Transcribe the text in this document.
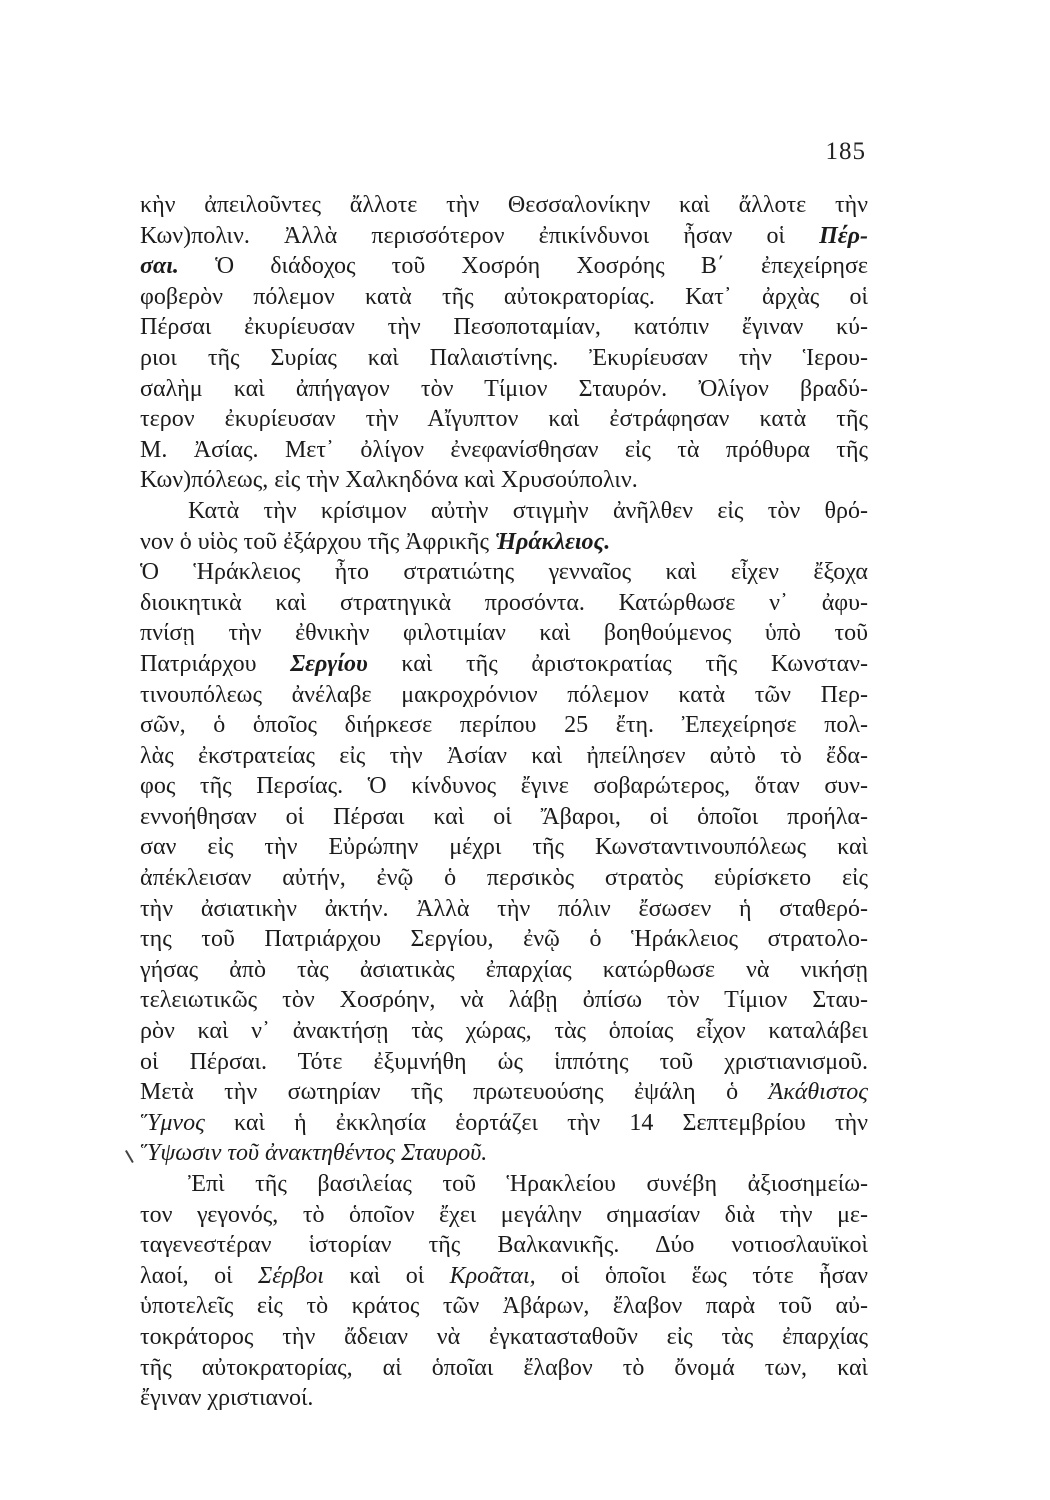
185
κὴν ἀπειλοῦντες ἄλλοτε τὴν Θεσσαλονίκην καὶ ἄλλοτε τὴν
Κων)πολιν. Ἀλλὰ περισσότερον ἐπικίνδυνοι ἦσαν οἱ Πέρ-
σαι. Ὁ διάδοχος τοῦ Χοσρόη Χοσρόης Β΄ ἐπεχείρησε
φοβερὸν πόλεμον κατὰ τῆς αὐτοκρατορίας. Κατ᾿ ἀρχὰς οἱ
Πέρσαι ἐκυρίευσαν τὴν Πεσοποταμίαν, κατόπιν ἔγιναν κύ-
ριοι τῆς Συρίας καὶ Παλαιστίνης. Ἐκυρίευσαν τὴν Ἱερου-
σαλὴμ καὶ ἀπήγαγον τὸν Τίμιον Σταυρόν. Ὀλίγον βραδύ-
τερον ἐκυρίευσαν τὴν Αἴγυπτον καὶ ἐστράφησαν κατὰ τῆς
Μ. Ἀσίας. Μετ᾿ ὀλίγον ἐνεφανίσθησαν εἰς τὰ πρόθυρα τῆς
Κων)πόλεως, εἰς τὴν Χαλκηδόνα καὶ Χρυσούπολιν.
Κατὰ τὴν κρίσιμον αὐτὴν στιγμὴν ἀνῆλθεν εἰς τὸν θρό-
νον ὁ υἱὸς τοῦ ἐξάρχου τῆς Ἀφρικῆς Ἡράκλειος.
Ὁ Ἡράκλειος ἦτο στρατιώτης γενναῖος καὶ εἶχεν ἔξοχα
διοικητικὰ καὶ στρατηγικὰ προσόντα. Κατώρθωσε ν᾿ ἀφυ-
πνίσῃ τὴν ἐθνικὴν φιλοτιμίαν καὶ βοηθούμενος ὑπὸ τοῦ
Πατριάρχου Σεργίου καὶ τῆς ἀριστοκρατίας τῆς Κωνσταν-
τινουπόλεως ἀνέλαβε μακροχρόνιον πόλεμον κατὰ τῶν Περ-
σῶν, ὁ ὁποῖος διήρκεσε περίπου 25 ἔτη. Ἐπεχείρησε πολ-
λὰς ἐκστρατείας εἰς τὴν Ἀσίαν καὶ ἠπείλησεν αὐτὸ τὸ ἔδα-
φος τῆς Περσίας. Ὁ κίνδυνος ἔγινε σοβαρώτερος, ὅταν συν-
εννοήθησαν οἱ Πέρσαι καὶ οἱ Ἄβαροι, οἱ ὁποῖοι προήλα-
σαν εἰς τὴν Εὐρώπην μέχρι τῆς Κωνσταντινουπόλεως καὶ
ἀπέκλεισαν αὐτήν, ἐνῷ ὁ περσικὸς στρατὸς εὑρίσκετο εἰς
τὴν ἀσιατικὴν ἀκτήν. Ἀλλὰ τὴν πόλιν ἔσωσεν ἡ σταθερό-
της τοῦ Πατριάρχου Σεργίου, ἐνῷ ὁ Ἡράκλειος στρατολο-
γήσας ἀπὸ τὰς ἀσιατικὰς ἐπαρχίας κατώρθωσε νὰ νικήσῃ
τελειωτικῶς τὸν Χοσρόην, νὰ λάβῃ ὀπίσω τὸν Τίμιον Σταυ-
ρὸν καὶ ν᾿ ἀνακτήσῃ τὰς χώρας, τὰς ὁποίας εἶχον καταλάβει
οἱ Πέρσαι. Τότε ἐξυμνήθη ὡς ἱππότης τοῦ χριστιανισμοῦ.
Μετὰ τὴν σωτηρίαν τῆς πρωτευούσης ἐψάλη ὁ Ἀκάθιστος
Ὕμνος καὶ ἡ ἐκκλησία ἑορτάζει τὴν 14 Σεπτεμβρίου τὴν
Ὕψωσιν τοῦ ἀνακτηθέντος Σταυροῦ.
Ἐπὶ τῆς βασιλείας τοῦ Ἡρακλείου συνέβη ἀξιοσημείω-
τον γεγονός, τὸ ὁποῖον ἔχει μεγάλην σημασίαν διὰ τὴν με-
ταγενεστέραν ἱστορίαν τῆς Βαλκανικῆς. Δύο νοτιοσλαυϊκοὶ
λαοί, οἱ Σέρβοι καὶ οἱ Κροᾶται, οἱ ὁποῖοι ἕως τότε ἦσαν
ὑποτελεῖς εἰς τὸ κράτος τῶν Ἀβάρων, ἔλαβον παρὰ τοῦ αὐ-
τοκράτορος τὴν ἄδειαν νὰ ἐγκατασταθοῦν εἰς τὰς ἐπαρχίας
τῆς αὐτοκρατορίας, αἱ ὁποῖαι ἔλαβον τὸ ὄνομά των, καὶ
ἔγιναν χριστιανοί.
